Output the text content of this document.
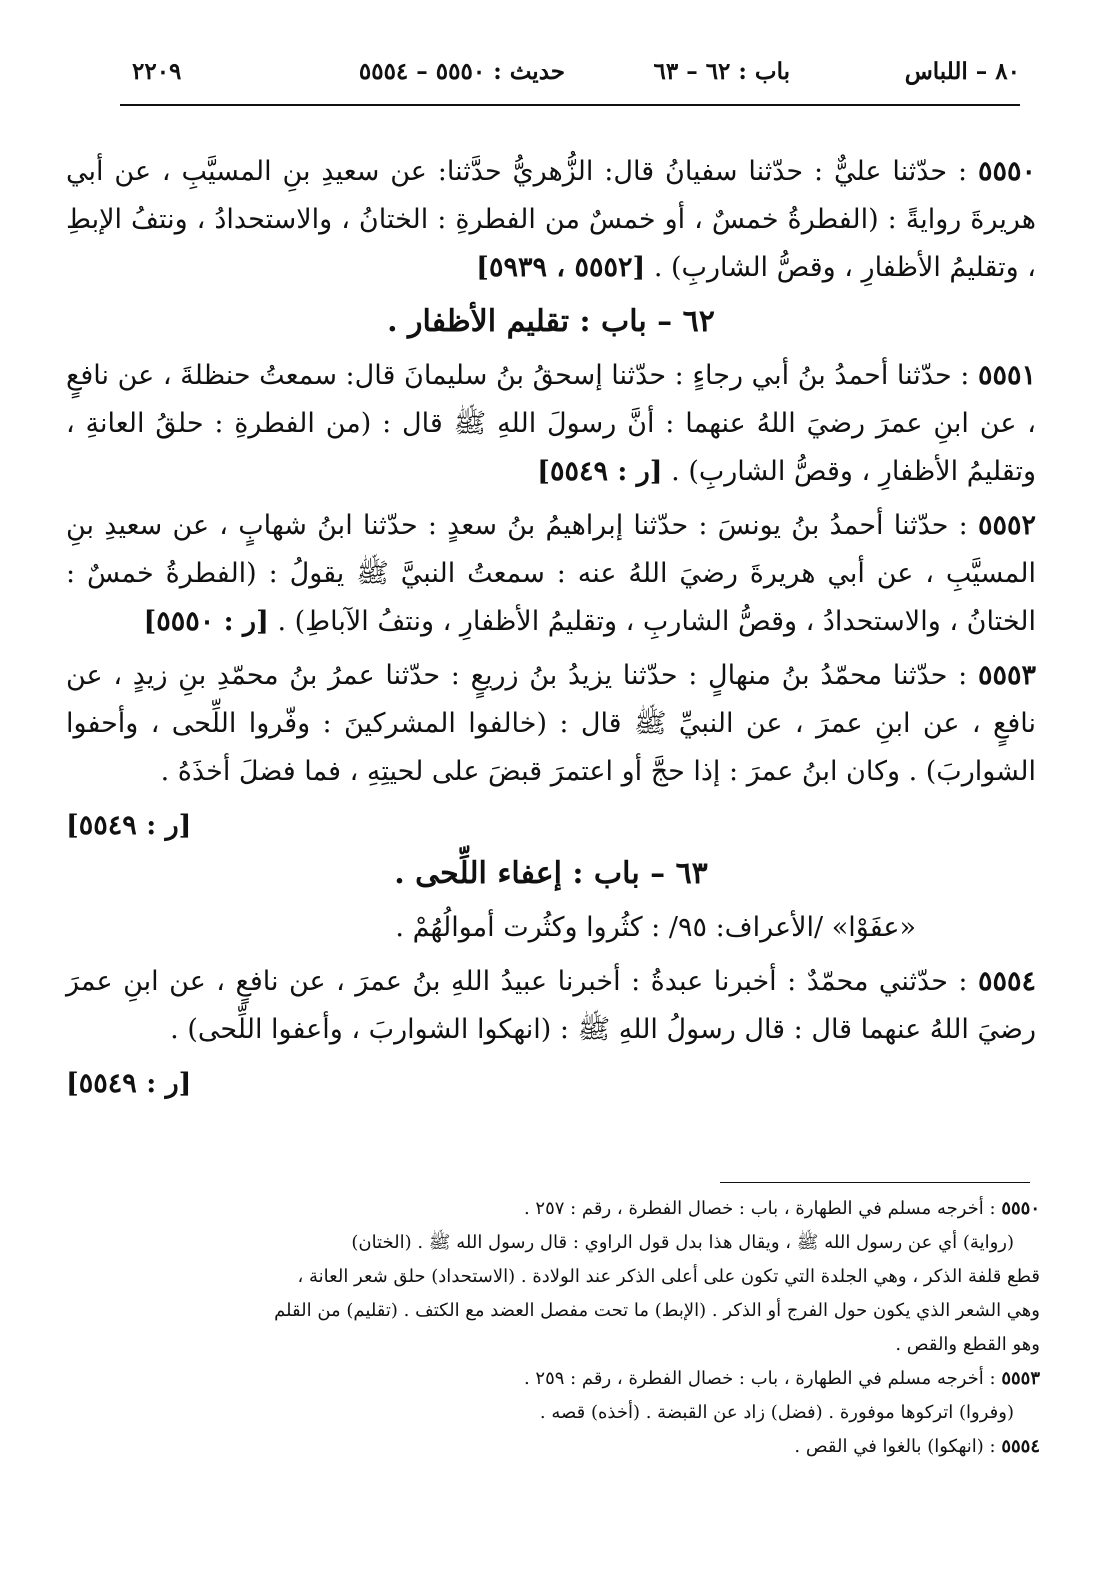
٨٠ – اللباس
باب : ٦٢ – ٦٣
حديث : ٥٥٥٠ – ٥٥٥٤
٢٢٠٩

٥٥٥٠ : حدّثنا عليٌّ : حدّثنا سفيانُ قال: الزُّهريُّ حدَّثنا: عن سعيدِ بنِ المسيَّبِ ، عن أبي هريرةَ روايةً : (الفطرةُ خمسٌ ، أو خمسٌ من الفطرةِ : الختانُ ، والاستحدادُ ، ونتفُ الإبطِ ، وتقليمُ الأظفارِ ، وقصُّ الشاربِ) . [٥٥٥٢ ، ٥٩٣٩]

٦٢ – باب : تقليم الأظفار .

٥٥٥١ : حدّثنا أحمدُ بنُ أبي رجاءٍ : حدّثنا إسحقُ بنُ سليمانَ قال: سمعتُ حنظلةَ ، عن نافعٍ ، عن ابنِ عمرَ رضيَ اللهُ عنهما : أنَّ رسولَ اللهِ ﷺ قال : (من الفطرةِ : حلقُ العانةِ ، وتقليمُ الأظفارِ ، وقصُّ الشاربِ) . [ر : ٥٥٤٩]

٥٥٥٢ : حدّثنا أحمدُ بنُ يونسَ : حدّثنا إبراهيمُ بنُ سعدٍ : حدّثنا ابنُ شهابٍ ، عن سعيدِ بنِ المسيَّبِ ، عن أبي هريرةَ رضيَ اللهُ عنه : سمعتُ النبيَّ ﷺ يقولُ : (الفطرةُ خمسٌ : الختانُ ، والاستحدادُ ، وقصُّ الشاربِ ، وتقليمُ الأظفارِ ، ونتفُ الآباطِ) . [ر : ٥٥٥٠]

٥٥٥٣ : حدّثنا محمّدُ بنُ منهالٍ : حدّثنا يزيدُ بنُ زريعٍ : حدّثنا عمرُ بنُ محمّدِ بنِ زيدٍ ، عن نافعٍ ، عن ابنِ عمرَ ، عن النبيِّ ﷺ قال : (خالفوا المشركينَ : وفّروا اللِّحى ، وأحفوا الشواربَ) . وكان ابنُ عمرَ : إذا حجَّ أو اعتمرَ قبضَ على لحيتِهِ ، فما فضلَ أخذَهُ .

[ر : ٥٥٤٩]

٦٣ – باب : إعفاء اللِّحى .

«عفَوْا» /الأعراف: ٩٥/ : كثُروا وكثُرت أموالُهُمْ .

٥٥٥٤ : حدّثني محمّدٌ : أخبرنا عبدةُ : أخبرنا عبيدُ اللهِ بنُ عمرَ ، عن نافعٍ ، عن ابنِ عمرَ رضيَ اللهُ عنهما قال : قال رسولُ اللهِ ﷺ : (انهكوا الشواربَ ، وأعفوا اللِّحى) .

[ر : ٥٥٤٩]

٥٥٥٠ : أخرجه مسلم في الطهارة ، باب : خصال الفطرة ، رقم : ٢٥٧ .

(رواية) أي عن رسول الله ﷺ ، ويقال هذا بدل قول الراوي : قال رسول الله ﷺ . (الختان)

قطع قلفة الذكر ، وهي الجلدة التي تكون على أعلى الذكر عند الولادة . (الاستحداد) حلق شعر العانة ،

وهي الشعر الذي يكون حول الفرج أو الذكر . (الإبط) ما تحت مفصل العضد مع الكتف . (تقليم) من القلم

وهو القطع والقص .

٥٥٥٣ : أخرجه مسلم في الطهارة ، باب : خصال الفطرة ، رقم : ٢٥٩ .

(وفروا) اتركوها موفورة . (فضل) زاد عن القبضة . (أخذه) قصه .

٥٥٥٤ : (انهكوا) بالغوا في القص .
